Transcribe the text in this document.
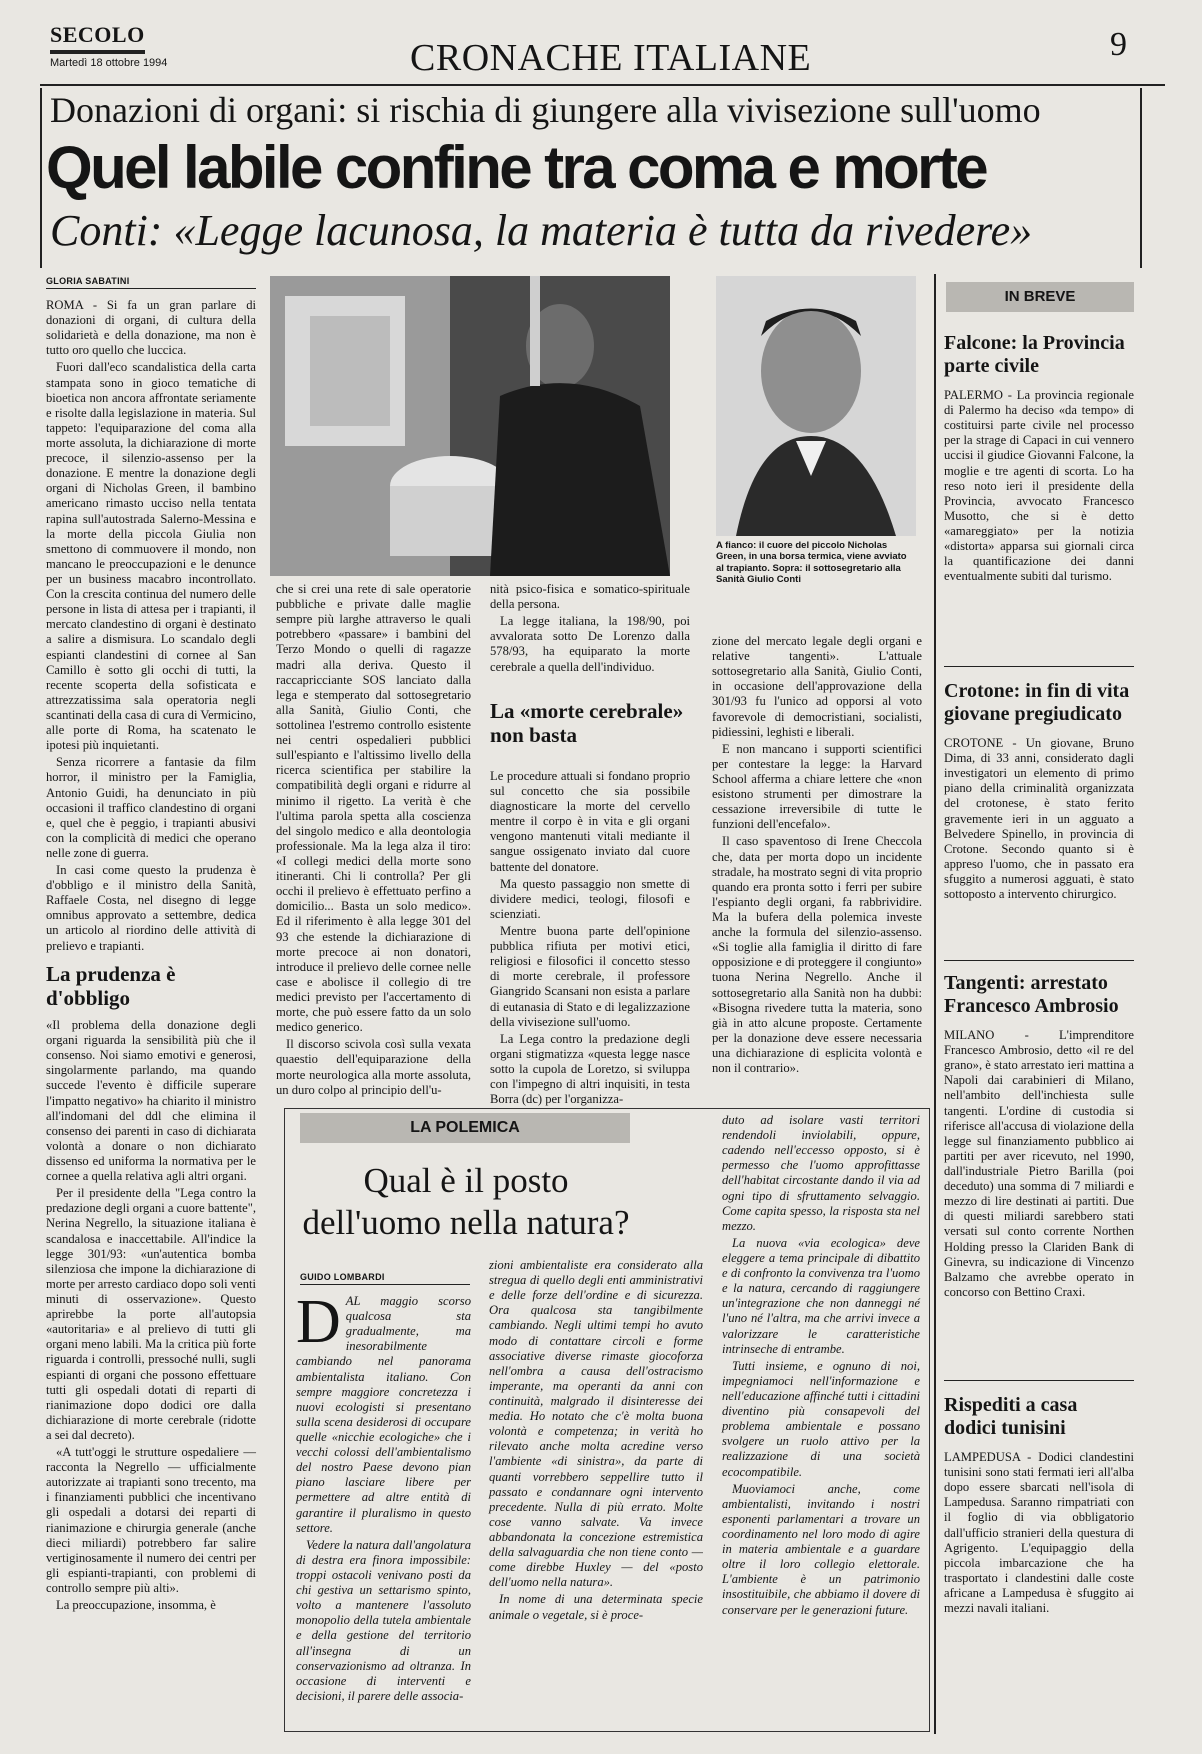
SECOLO
Martedì 18 ottobre 1994	CRONACHE ITALIANE	9
Donazioni di organi: si rischia di giungere alla vivisezione sull'uomo
Quel labile confine tra coma e morte
Conti: «Legge lacunosa, la materia è tutta da rivedere»
GLORIA SABATINI

ROMA - Si fa un gran parlare di donazioni di organi, di cultura della solidarietà e della donazione, ma non è tutto oro quello che luccica.

Fuori dall'eco scandalistica della carta stampata sono in gioco tematiche di bioetica non ancora affrontate seriamente e risolte dalla legislazione in materia. Sul tappeto: l'equiparazione del coma alla morte assoluta, la dichiarazione di morte precoce, il silenzio-assenso per la donazione. E mentre la donazione degli organi di Nicholas Green, il bambino americano rimasto ucciso nella tentata rapina sull'autostrada Salerno-Messina e la morte della piccola Giulia non smettono di commuovere il mondo, non mancano le preoccupazioni e le denunce per un business macabro incontrollato. Con la crescita continua del numero delle persone in lista di attesa per i trapianti, il mercato clandestino di organi è destinato a salire a dismisura. Lo scandalo degli espianti clandestini di cornee al San Camillo è sotto gli occhi di tutti, la recente scoperta della sofisticata e attrezzatissima sala operatoria negli scantinati della casa di cura di Vermicino, alle porte di Roma, ha scatenato le ipotesi più inquietanti.

Senza ricorrere a fantasie da film horror, il ministro per la Famiglia, Antonio Guidi, ha denunciato in più occasioni il traffico clandestino di organi e, quel che è peggio, i trapianti abusivi con la complicità di medici che operano nelle zone di guerra.

In casi come questo la prudenza è d'obbligo e il ministro della Sanità, Raffaele Costa, nel disegno di legge omnibus approvato a settembre, dedica un articolo al riordino delle attività di prelievo e trapianti.

La prudenza è d'obbligo

«Il problema della donazione degli organi riguarda la sensibilità più che il consenso. Noi siamo emotivi e generosi, singolarmente parlando, ma quando succede l'evento è difficile superare l'impatto negativo» ha chiarito il ministro all'indomani del ddl che elimina il consenso dei parenti in caso di dichiarata volontà a donare o non dichiarato dissenso ed uniforma la normativa per le cornee a quella relativa agli altri organi.

Per il presidente della "Lega contro la predazione degli organi a cuore battente", Nerina Negrello, la situazione italiana è scandalosa e inaccettabile. All'indice la legge 301/93: «un'autentica bomba silenziosa che impone la dichiarazione di morte per arresto cardiaco dopo soli venti minuti di osservazione». Questo aprirebbe la porte all'autopsia «autoritaria» e al prelievo di tutti gli organi meno labili. Ma la critica più forte riguarda i controlli, pressoché nulli, sugli espianti di organi che possono effettuare tutti gli ospedali dotati di reparti di rianimazione dopo dodici ore dalla dichiarazione di morte cerebrale (ridotte a sei dal decreto).

«A tutt'oggi le strutture ospedaliere — racconta la Negrello — ufficialmente autorizzate ai trapianti sono trecento, ma i finanziamenti pubblici che incentivano gli ospedali a dotarsi dei reparti di rianimazione e chirurgia generale (anche dieci miliardi) potrebbero far salire vertiginosamente il numero dei centri per gli espianti-trapianti, con problemi di controllo sempre più alti».

La preoccupazione, insomma, è

A fianco: il cuore del piccolo Nicholas Green, in una borsa termica, viene avviato al trapianto. Sopra: il sottosegretario alla Sanità Giulio Conti

che si crei una rete di sale operatorie pubbliche e private dalle maglie sempre più larghe attraverso le quali potrebbero «passare» i bambini del Terzo Mondo o quelli di ragazze madri alla deriva. Questo il raccapricciante SOS lanciato dalla lega e stemperato dal sottosegretario alla Sanità, Giulio Conti, che sottolinea l'estremo controllo esistente nei centri ospedalieri pubblici sull'espianto e l'altissimo livello della ricerca scientifica per stabilire la compatibilità degli organi e ridurre al minimo il rigetto. La verità è che l'ultima parola spetta alla coscienza del singolo medico e alla deontologia professionale. Ma la lega alza il tiro: «I collegi medici della morte sono itineranti. Chi li controlla? Per gli occhi il prelievo è effettuato perfino a domicilio... Basta un solo medico». Ed il riferimento è alla legge 301 del 93 che estende la dichiarazione di morte precoce ai non donatori, introduce il prelievo delle cornee nelle case e abolisce il collegio di tre medici previsto per l'accertamento di morte, che può essere fatto da un solo medico generico.

Il discorso scivola così sulla vexata quaestio dell'equiparazione della morte neurologica alla morte assoluta, un duro colpo al principio dell'u-

nità psico-fisica e somatico-spirituale della persona.

La legge italiana, la 198/90, poi avvalorata sotto De Lorenzo dalla 578/93, ha equiparato la morte cerebrale a quella dell'individuo.

La «morte cerebrale» non basta

Le procedure attuali si fondano proprio sul concetto che sia possibile diagnosticare la morte del cervello mentre il corpo è in vita e gli organi vengono mantenuti vitali mediante il sangue ossigenato inviato dal cuore battente del donatore.

Ma questo passaggio non smette di dividere medici, teologi, filosofi e scienziati.

Mentre buona parte dell'opinione pubblica rifiuta per motivi etici, religiosi e filosofici il concetto stesso di morte cerebrale, il professore Giangrido Scansani non esista a parlare di eutanasia di Stato e di legalizzazione della vivisezione sull'uomo.

La Lega contro la predazione degli organi stigmatizza «questa legge nasce sotto la cupola de Loretzo, si sviluppa con l'impegno di altri inquisiti, in testa Borra (dc) per l'organizza-

zione del mercato legale degli organi e relative tangenti». L'attuale sottosegretario alla Sanità, Giulio Conti, in occasione dell'approvazione della 301/93 fu l'unico ad opporsi al voto favorevole di democristiani, socialisti, pidiessini, leghisti e liberali.

E non mancano i supporti scientifici per contestare la legge: la Harvard School afferma a chiare lettere che «non esistono strumenti per dimostrare la cessazione irreversibile di tutte le funzioni dell'encefalo».

Il caso spaventoso di Irene Checcola che, data per morta dopo un incidente stradale, ha mostrato segni di vita proprio quando era pronta sotto i ferri per subire l'espianto degli organi, fa rabbrividire. Ma la bufera della polemica investe anche la formula del silenzio-assenso. «Si toglie alla famiglia il diritto di fare opposizione e di proteggere il congiunto» tuona Nerina Negrello. Anche il sottosegretario alla Sanità non ha dubbi: «Bisogna rivedere tutta la materia, sono già in atto alcune proposte. Certamente per la donazione deve essere necessaria una dichiarazione di esplicita volontà e non il contrario».

LA POLEMICA
Qual è il posto dell'uomo nella natura?
GUIDO LOMBARDI
D AL maggio scorso qualcosa sta gradualmente, ma inesorabilmente cambiando nel panorama ambientalista italiano. Con sempre maggiore concretezza i nuovi ecologisti si presentano sulla scena desiderosi di occupare quelle «nicchie ecologiche» che i vecchi colossi dell'ambientalismo del nostro Paese devono pian piano lasciare libere per permettere ad altre entità di garantire il pluralismo in questo settore.

Vedere la natura dall'angolatura di destra era finora impossibile: troppi ostacoli venivano posti da chi gestiva un settarismo spinto, volto a mantenere l'assoluto monopolio della tutela ambientale e della gestione del territorio all'insegna di un conservazionismo ad oltranza. In occasione di interventi e decisioni, il parere delle associa-

zioni ambientaliste era considerato alla stregua di quello degli enti amministrativi e delle forze dell'ordine e di sicurezza. Ora qualcosa sta tangibilmente cambiando. Negli ultimi tempi ho avuto modo di contattare circoli e forme associative diverse rimaste giocoforza nell'ombra a causa dell'ostracismo imperante, ma operanti da anni con continuità, malgrado il disinteresse dei media. Ho notato che c'è molta buona volontà e competenza; in verità ho rilevato anche molta acredine verso l'ambiente «di sinistra», da parte di quanti vorrebbero seppellire tutto il passato e condannare ogni intervento precedente. Nulla di più errato. Molte cose vanno salvate. Va invece abbandonata la concezione estremistica della salvaguardia che non tiene conto — come direbbe Huxley — del «posto dell'uomo nella natura».

In nome di una determinata specie animale o vegetale, si è proce-

duto ad isolare vasti territori rendendoli inviolabili, oppure, cadendo nell'eccesso opposto, si è permesso che l'uomo approfittasse dell'habitat circostante dando il via ad ogni tipo di sfruttamento selvaggio. Come capita spesso, la risposta sta nel mezzo.

La nuova «via ecologica» deve eleggere a tema principale di dibattito e di confronto la convivenza tra l'uomo e la natura, cercando di raggiungere un'integrazione che non danneggi né l'uno né l'altra, ma che arrivi invece a valorizzare le caratteristiche intrinseche di entrambe.

Tutti insieme, e ognuno di noi, impegniamoci nell'informazione e nell'educazione affinché tutti i cittadini diventino più consapevoli del problema ambientale e possano svolgere un ruolo attivo per la realizzazione di una società ecocompatibile.

Muoviamoci anche, come ambientalisti, invitando i nostri esponenti parlamentari a trovare un coordinamento nel loro modo di agire in materia ambientale e a guardare oltre il loro collegio elettorale. L'ambiente è un patrimonio insostituibile, che abbiamo il dovere di conservare per le generazioni future.

IN BREVE
Falcone: la Provincia parte civile
PALERMO - La provincia regionale di Palermo ha deciso «da tempo» di costituirsi parte civile nel processo per la strage di Capaci in cui vennero uccisi il giudice Giovanni Falcone, la moglie e tre agenti di scorta. Lo ha reso noto ieri il presidente della Provincia, avvocato Francesco Musotto, che si è detto «amareggiato» per la notizia «distorta» apparsa sui giornali circa la quantificazione dei danni eventualmente subiti dal turismo.
Crotone: in fin di vita giovane pregiudicato
CROTONE - Un giovane, Bruno Dima, di 33 anni, considerato dagli investigatori un elemento di primo piano della criminalità organizzata del crotonese, è stato ferito gravemente ieri in un agguato a Belvedere Spinello, in provincia di Crotone. Secondo quanto si è appreso l'uomo, che in passato era sfuggito a numerosi agguati, è stato sottoposto a intervento chirurgico.
Tangenti: arrestato Francesco Ambrosio
MILANO - L'imprenditore Francesco Ambrosio, detto «il re del grano», è stato arrestato ieri mattina a Napoli dai carabinieri di Milano, nell'ambito dell'inchiesta sulle tangenti. L'ordine di custodia si riferisce all'accusa di violazione della legge sul finanziamento pubblico ai partiti per aver ricevuto, nel 1990, dall'industriale Pietro Barilla (poi deceduto) una somma di 7 miliardi e mezzo di lire destinati ai partiti. Due di questi miliardi sarebbero stati versati sul conto corrente Northen Holding presso la Clariden Bank di Ginevra, su indicazione di Vincenzo Balzamo che avrebbe operato in concorso con Bettino Craxi.
Rispediti a casa dodici tunisini
LAMPEDUSA - Dodici clandestini tunisini sono stati fermati ieri all'alba dopo essere sbarcati nell'isola di Lampedusa. Saranno rimpatriati con il foglio di via obbligatorio dall'ufficio stranieri della questura di Agrigento. L'equipaggio della piccola imbarcazione che ha trasportato i clandestini dalle coste africane a Lampedusa è sfuggito ai mezzi navali italiani.
